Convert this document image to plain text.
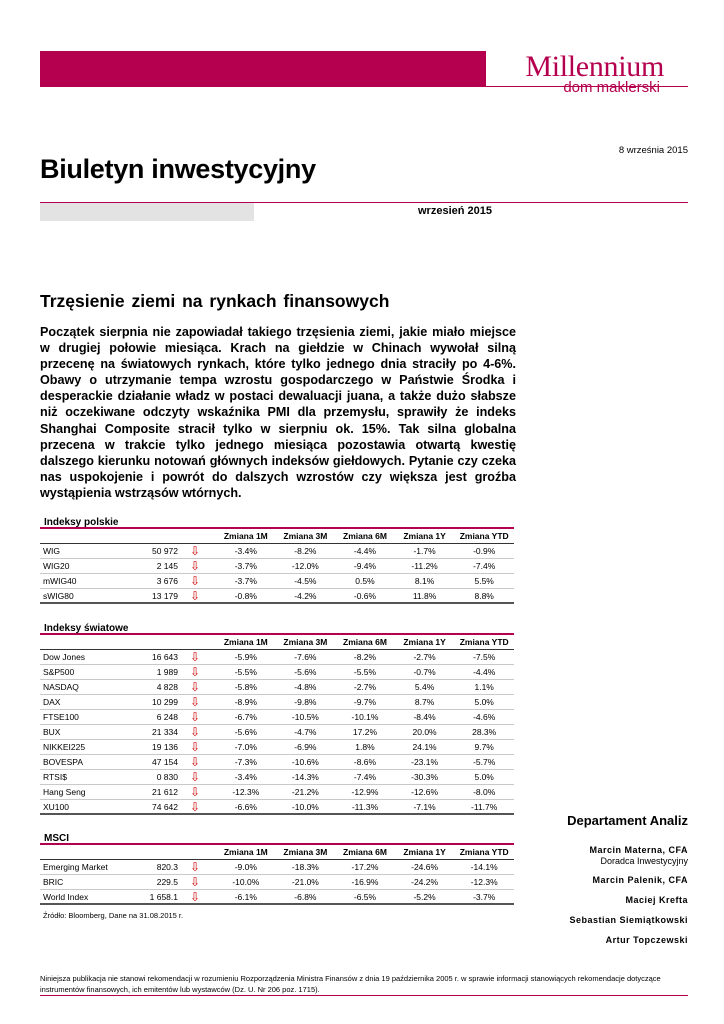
Millennium
dom maklerski
8 września 2015
Biuletyn inwestycyjny
wrzesień 2015
Trzęsienie ziemi na rynkach finansowych
Początek sierpnia nie zapowiadał takiego trzęsienia ziemi, jakie miało miejsce w drugiej połowie miesiąca. Krach na giełdzie w Chinach wywołał silną przecenę na światowych rynkach, które tylko jednego dnia straciły po 4-6%. Obawy o utrzymanie tempa wzrostu gospodarczego w Państwie Środka i desperackie działanie władz w postaci dewaluacji juana, a także dużo słabsze niż oczekiwane odczyty wskaźnika PMI dla przemysłu, sprawiły że indeks Shanghai Composite stracił tylko w sierpniu ok. 15%. Tak silna globalna przecena w trakcie tylko jednego miesiąca pozostawia otwartą kwestię dalszego kierunku notowań głównych indeksów giełdowych. Pytanie czy czeka nas uspokojenie i powrót do dalszych wzrostów czy większa jest groźba wystąpienia wstrząsów wtórnych.
Indeksy polskie
Zmiana 1M	Zmiana 3M	Zmiana 6M	Zmiana 1Y	Zmiana YTD
WIG	50 972	⇩	-3.4%	-8.2%	-4.4%	-1.7%	-0.9%
WIG20	2 145	⇩	-3.7%	-12.0%	-9.4%	-11.2%	-7.4%
mWIG40	3 676	⇩	-3.7%	-4.5%	0.5%	8.1%	5.5%
sWIG80	13 179	⇩	-0.8%	-4.2%	-0.6%	11.8%	8.8%
Indeksy światowe
Zmiana 1M	Zmiana 3M	Zmiana 6M	Zmiana 1Y	Zmiana YTD
Dow Jones	16 643	⇩	-5.9%	-7.6%	-8.2%	-2.7%	-7.5%
S&P500	1 989	⇩	-5.5%	-5.6%	-5.5%	-0.7%	-4.4%
NASDAQ	4 828	⇩	-5.8%	-4.8%	-2.7%	5.4%	1.1%
DAX	10 299	⇩	-8.9%	-9.8%	-9.7%	8.7%	5.0%
FTSE100	6 248	⇩	-6.7%	-10.5%	-10.1%	-8.4%	-4.6%
BUX	21 334	⇩	-5.6%	-4.7%	17.2%	20.0%	28.3%
NIKKEI225	19 136	⇩	-7.0%	-6.9%	1.8%	24.1%	9.7%
BOVESPA	47 154	⇩	-7.3%	-10.6%	-8.6%	-23.1%	-5.7%
RTSI$	0 830	⇩	-3.4%	-14.3%	-7.4%	-30.3%	5.0%
Hang Seng	21 612	⇩	-12.3%	-21.2%	-12.9%	-12.6%	-8.0%
XU100	74 642	⇩	-6.6%	-10.0%	-11.3%	-7.1%	-11.7%
MSCI
Zmiana 1M	Zmiana 3M	Zmiana 6M	Zmiana 1Y	Zmiana YTD
Emerging Market	820.3	⇩	-9.0%	-18.3%	-17.2%	-24.6%	-14.1%
BRIC	229.5	⇩	-10.0%	-21.0%	-16.9%	-24.2%	-12.3%
World Index	1 658.1	⇩	-6.1%	-6.8%	-6.5%	-5.2%	-3.7%
Źródło: Bloomberg, Dane na 31.08.2015 r.
Departament Analiz
Marcin Materna, CFA
Doradca Inwestycyjny
Marcin Palenik, CFA
Maciej Krefta
Sebastian Siemiątkowski
Artur Topczewski
Niniejsza publikacja nie stanowi rekomendacji w rozumieniu Rozporządzenia Ministra Finansów z dnia 19 października 2005 r. w sprawie informacji stanowiących rekomendacje dotyczące instrumentów finansowych, ich emitentów lub wystawców (Dz. U. Nr 206 poz. 1715).
